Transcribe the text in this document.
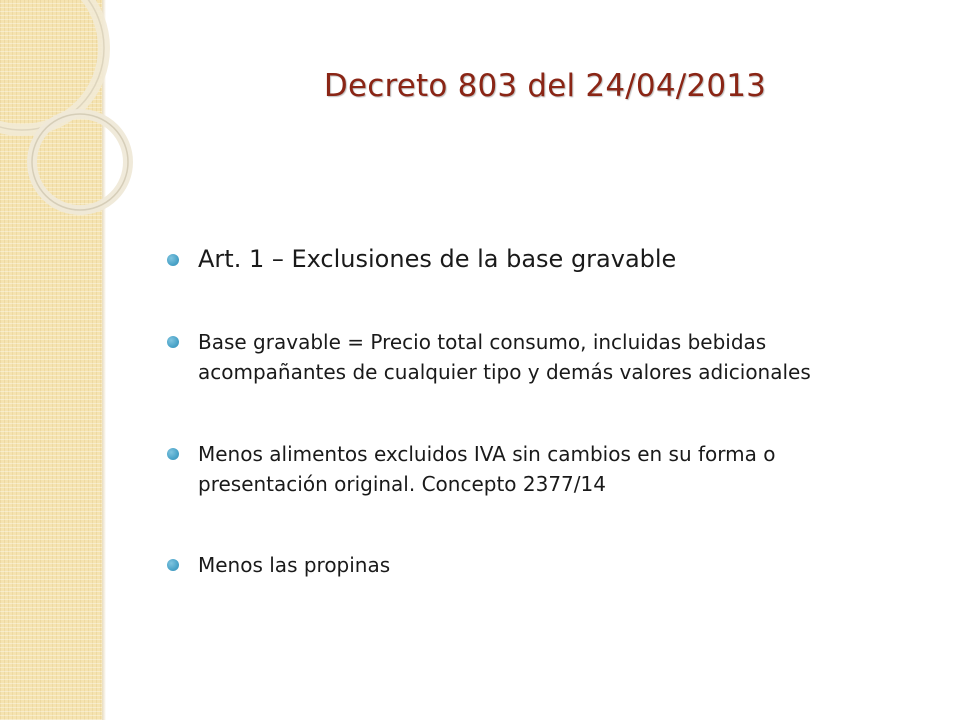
Decreto 803 del 24/04/2013
Art. 1 – Exclusiones de la base gravable
Base gravable = Precio total consumo, incluidas bebidas acompañantes de cualquier tipo y demás valores adicionales
Menos alimentos excluidos IVA sin cambios en su forma o presentación original. Concepto 2377/14
Menos las propinas
